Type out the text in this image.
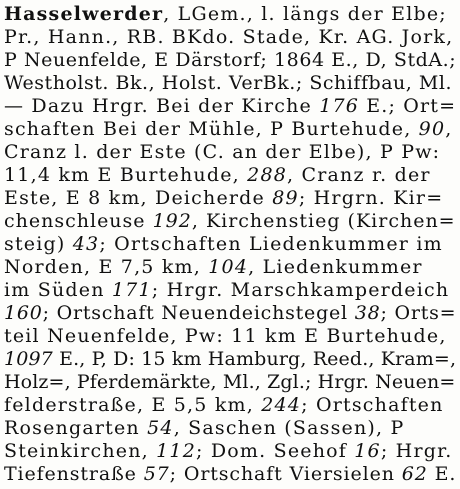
Hasselwerder, LGem., l. längs der Elbe;
Pr., Hann., RB. BKdo. Stade, Kr. AG. Jork,
P Neuenfelde, E Därstorf; 1864 E., D, StdA.;
Westholst. Bk., Holst. VerBk.; Schiffbau, Ml.
— Dazu Hrgr. Bei der Kirche 176 E.; Ort=
schaften Bei der Mühle, P Burtehude, 90,
Cranz l. der Este (C. an der Elbe), P Pw:
11,4 km E Burtehude, 288, Cranz r. der
Este, E 8 km, Deicherde 89; Hrgrn. Kir=
chenschleuse 192, Kirchenstieg (Kirchen=
steig) 43; Ortschaften Liedenkummer im
Norden, E 7,5 km, 104, Liedenkummer
im Süden 171; Hrgr. Marschkamperdeich
160; Ortschaft Neuendeichstegel 38; Orts=
teil Neuenfelde, Pw: 11 km E Burtehude,
1097 E., P, D: 15 km Hamburg, Reed., Kram=,
Holz=, Pferdemärkte, Ml., Zgl.; Hrgr. Neuen=
felderstraße, E 5,5 km, 244; Ortschaften
Rosengarten 54, Saschen (Sassen), P
Steinkirchen, 112; Dom. Seehof 16; Hrgr.
Tiefenstraße 57; Ortschaft Viersielen 62 E.
